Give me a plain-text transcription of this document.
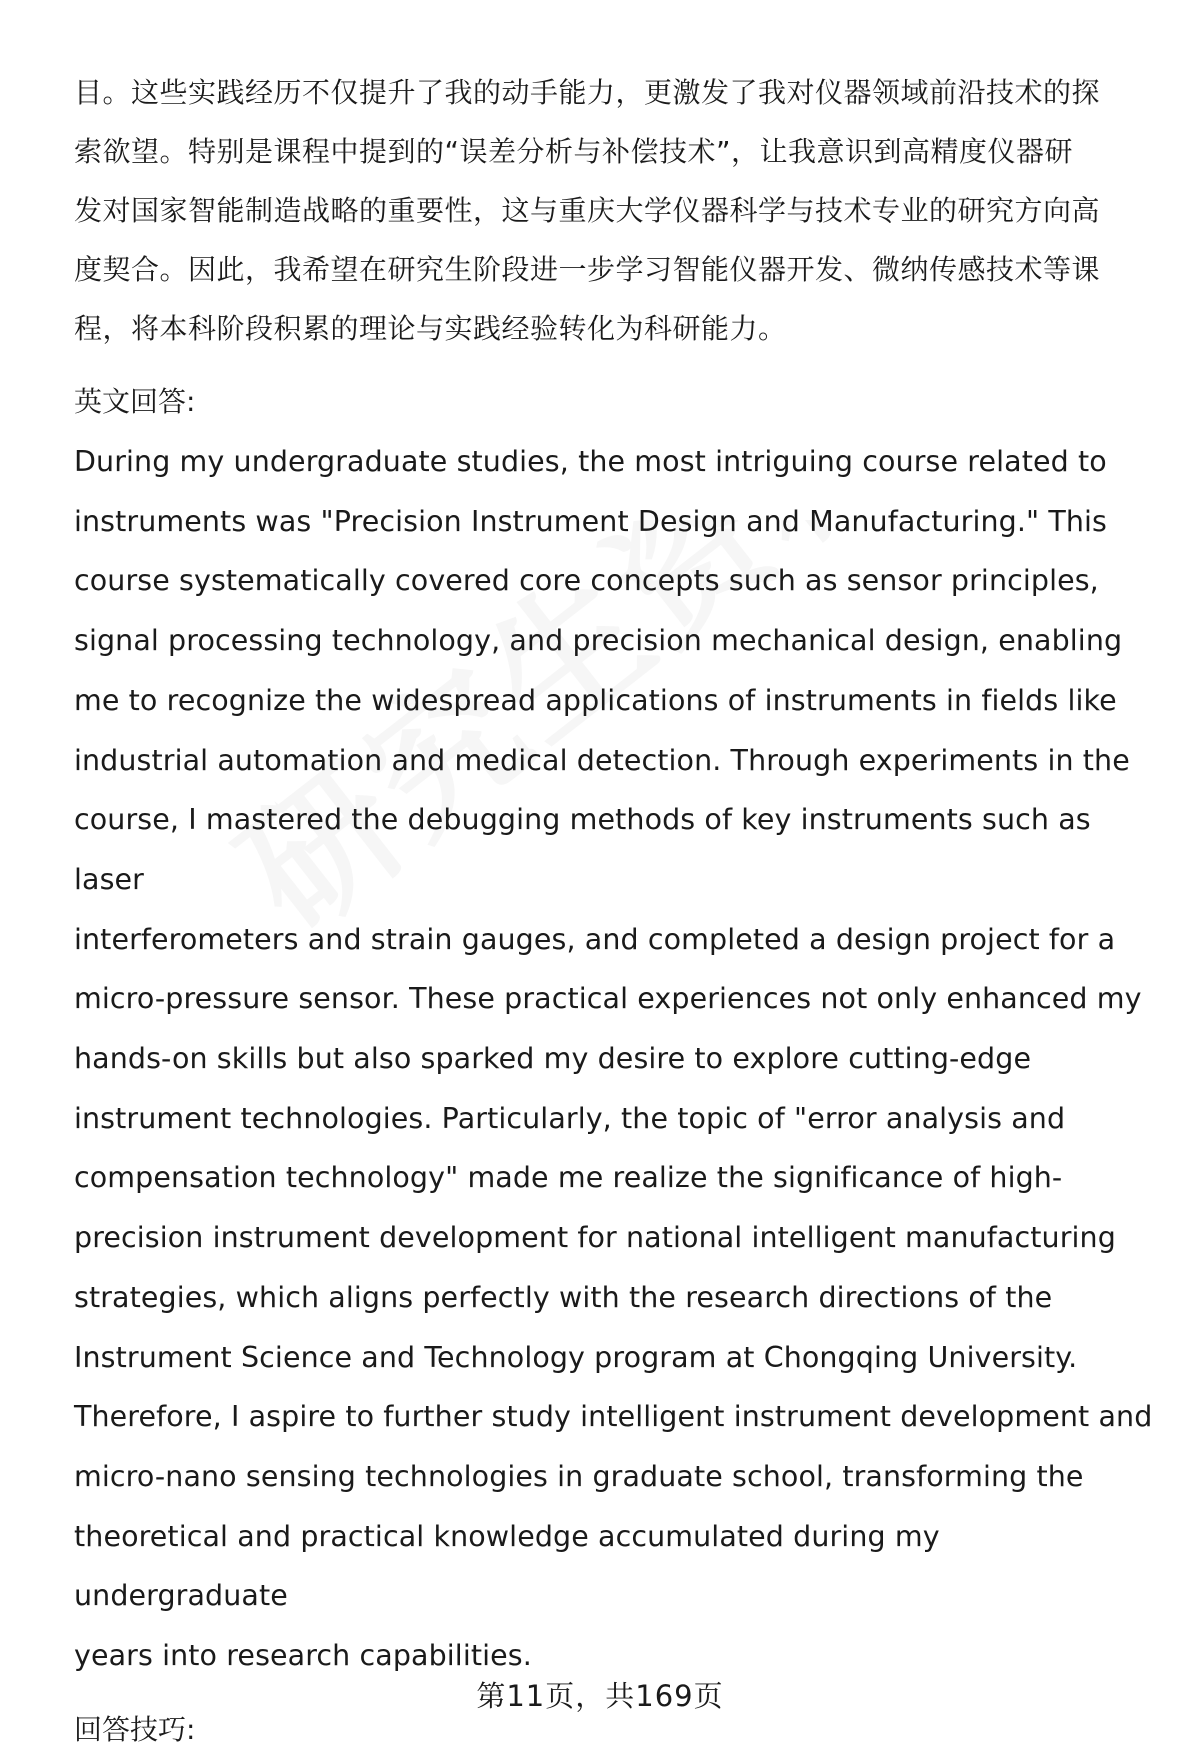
目。这些实践经历不仅提升了我的动手能力，更激发了我对仪器领域前沿技术的探

索欲望。特别是课程中提到的“误差分析与补偿技术”，让我意识到高精度仪器研

发对国家智能制造战略的重要性，这与重庆大学仪器科学与技术专业的研究方向高

度契合。因此，我希望在研究生阶段进一步学习智能仪器开发、微纳传感技术等课

程，将本科阶段积累的理论与实践经验转化为科研能力。

英文回答:

During my undergraduate studies, the most intriguing course related to

instruments was "Precision Instrument Design and Manufacturing." This

course systematically covered core concepts such as sensor principles,

signal processing technology, and precision mechanical design, enabling

me to recognize the widespread applications of instruments in fields like

industrial automation and medical detection. Through experiments in the

course, I mastered the debugging methods of key instruments such as laser

interferometers and strain gauges, and completed a design project for a

micro-pressure sensor. These practical experiences not only enhanced my

hands-on skills but also sparked my desire to explore cutting-edge

instrument technologies. Particularly, the topic of "error analysis and

compensation technology" made me realize the significance of high-

precision instrument development for national intelligent manufacturing

strategies, which aligns perfectly with the research directions of the

Instrument Science and Technology program at Chongqing University.

Therefore, I aspire to further study intelligent instrument development and

micro-nano sensing technologies in graduate school, transforming the

theoretical and practical knowledge accumulated during my undergraduate

years into research capabilities.

回答技巧:

第11页，共169页
